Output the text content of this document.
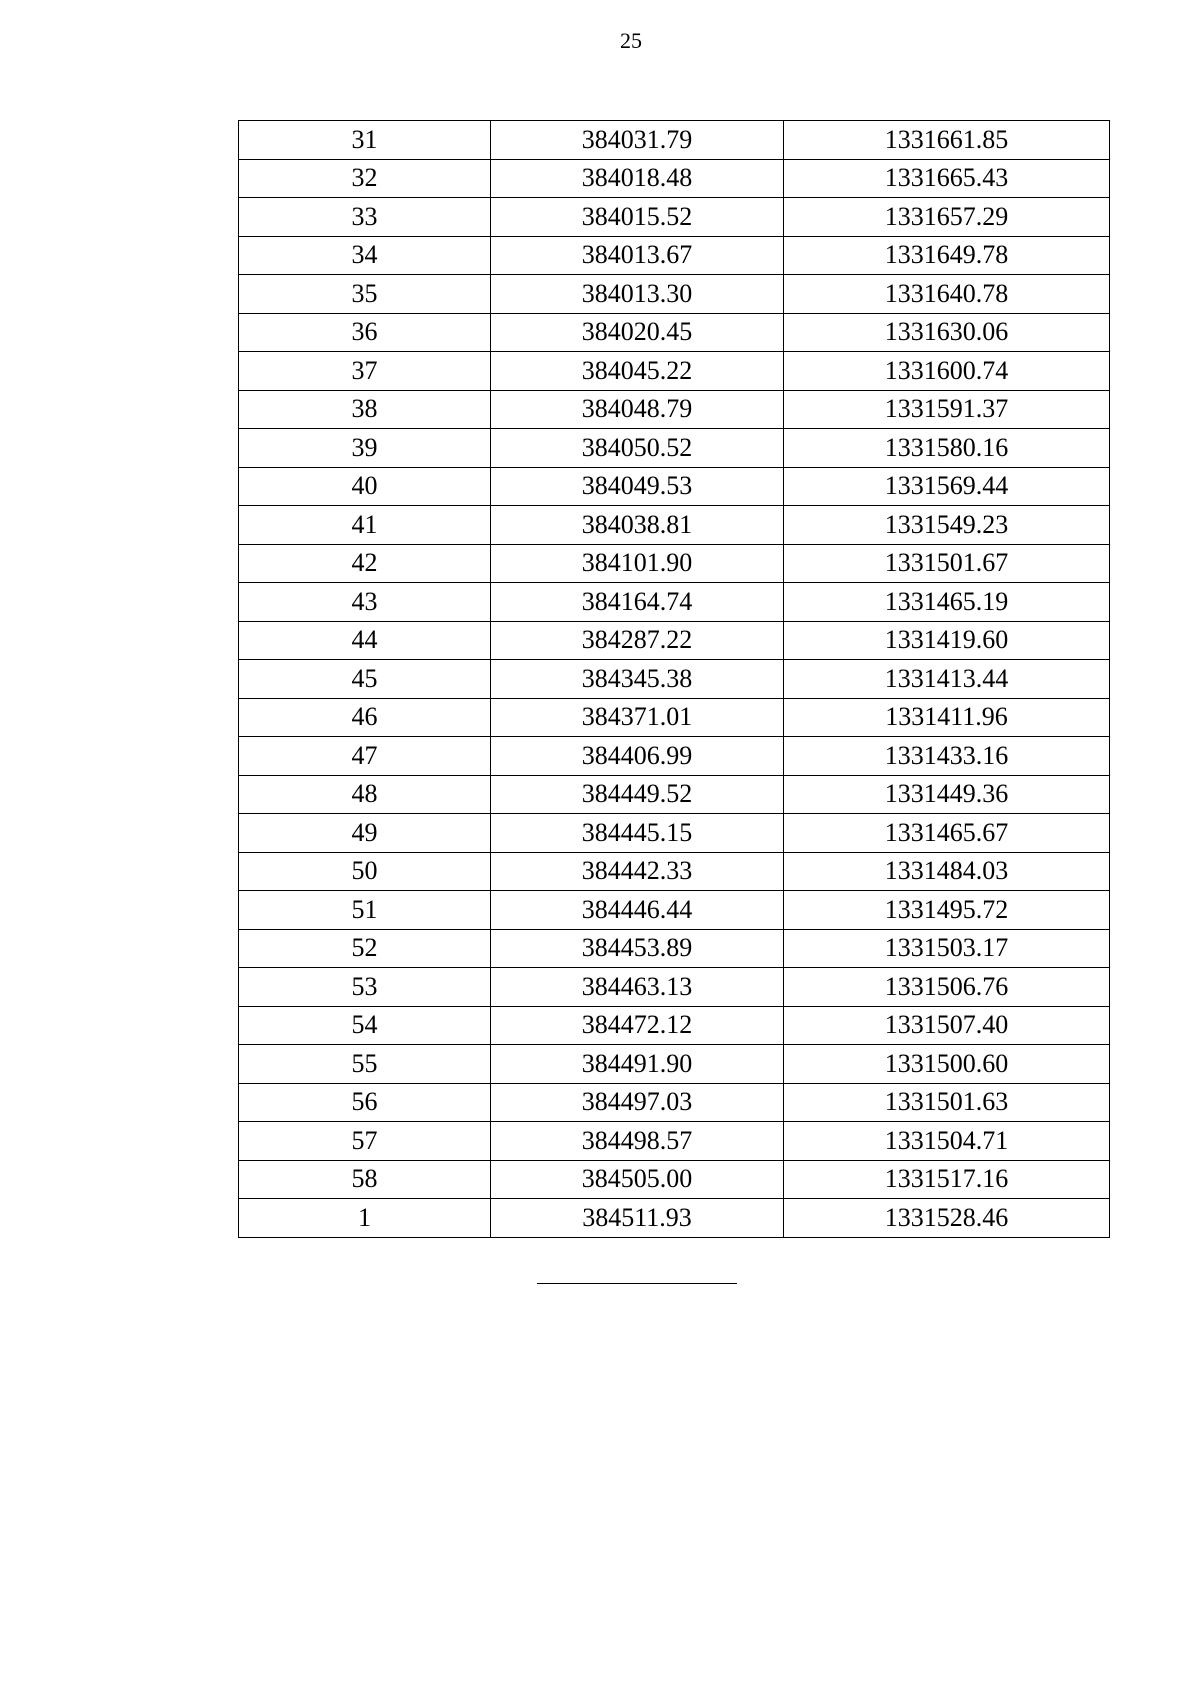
25
31	384031.79	1331661.85
32	384018.48	1331665.43
33	384015.52	1331657.29
34	384013.67	1331649.78
35	384013.30	1331640.78
36	384020.45	1331630.06
37	384045.22	1331600.74
38	384048.79	1331591.37
39	384050.52	1331580.16
40	384049.53	1331569.44
41	384038.81	1331549.23
42	384101.90	1331501.67
43	384164.74	1331465.19
44	384287.22	1331419.60
45	384345.38	1331413.44
46	384371.01	1331411.96
47	384406.99	1331433.16
48	384449.52	1331449.36
49	384445.15	1331465.67
50	384442.33	1331484.03
51	384446.44	1331495.72
52	384453.89	1331503.17
53	384463.13	1331506.76
54	384472.12	1331507.40
55	384491.90	1331500.60
56	384497.03	1331501.63
57	384498.57	1331504.71
58	384505.00	1331517.16
1	384511.93	1331528.46
